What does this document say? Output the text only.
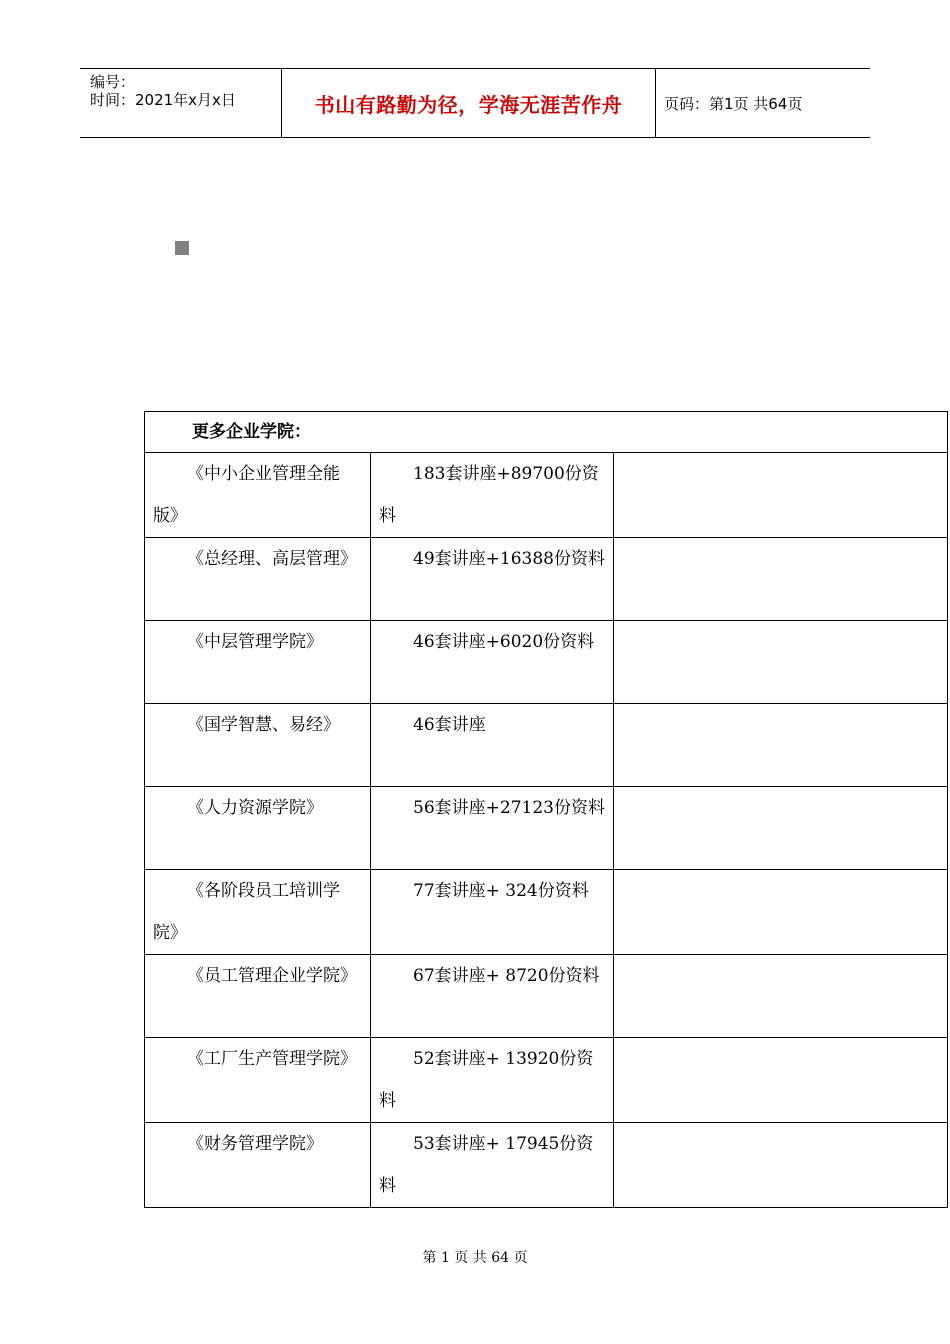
编号：
时间：2021年x月x日	书山有路勤为径，学海无涯苦作舟	页码：第1页 共64页
更多企业学院：		
《中小企业管理全能版》	183套讲座+89700份资料	
《总经理、高层管理》	49套讲座+16388份资料	
《中层管理学院》	46套讲座+6020份资料	
《国学智慧、易经》	46套讲座	
《人力资源学院》	56套讲座+27123份资料	
《各阶段员工培训学院》	77套讲座+ 324份资料	
《员工管理企业学院》	67套讲座+ 8720份资料	
《工厂生产管理学院》	52套讲座+ 13920份资料	
《财务管理学院》	53套讲座+ 17945份资料	
第 1 页 共 64 页
